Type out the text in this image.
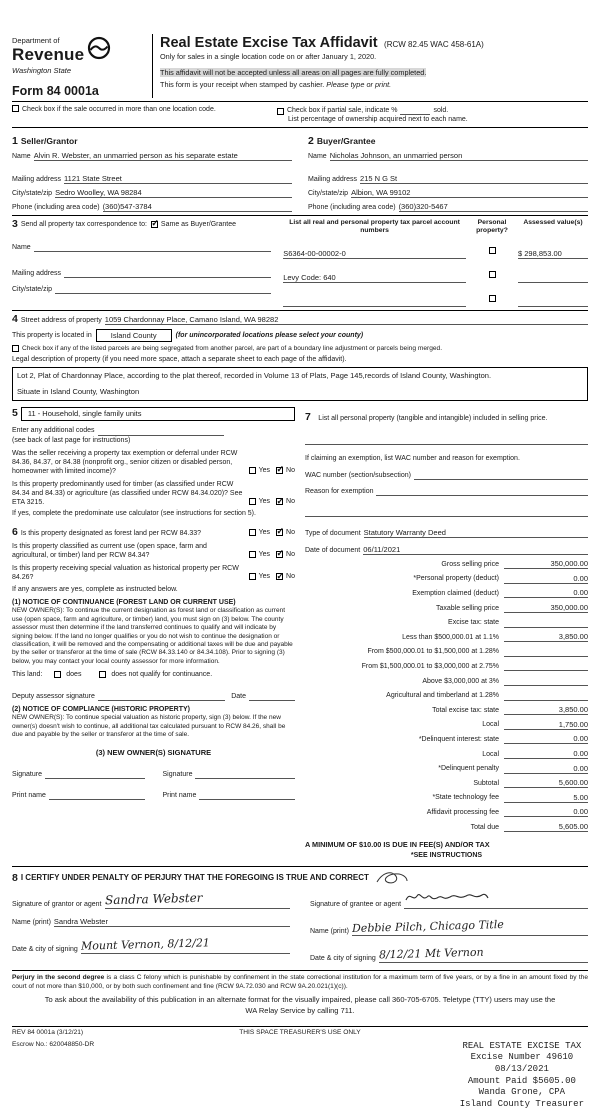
Department of
Revenue
Washington State
Form 84 0001a
Real Estate Excise Tax Affidavit (RCW 82.45 WAC 458-61A)
Only for sales in a single location code on or after January 1, 2020.
This affidavit will not be accepted unless all areas on all pages are fully completed.
This form is your receipt when stamped by cashier. Please type or print.
Check box if the sale occurred in more than one location code.	Check box if partial sale, indicate %	sold.
List percentage of ownership acquired next to each name.
1 Seller/Grantor
Name Alvin R. Webster, an unmarried person as his separate estate
Mailing address 1121 State Street
City/state/zip Sedro Woolley, WA 98284
Phone (including area code) (360)547-3784
2 Buyer/Grantee
Name Nicholas Johnson, an unmarried person
Mailing address 215 N G St
City/state/zip Albion, WA 99102
Phone (including area code) (360)320-5467
3 Send all property tax correspondence to: ✓ Same as Buyer/Grantee
Name
Mailing address
City/state/zip
List all real and personal property tax parcel account numbers
Personal property?
Assessed value(s)
S6364-00-00002-0	$ 298,853.00
Levy Code: 640
4 Street address of property 1059 Chardonnay Place, Camano Island, WA 98282
This property is located in	Island County	(for unincorporated locations please select your county)
Check box if any of the listed parcels are being segregated from another parcel, are part of a boundary line adjustment or parcels being merged.
Legal description of property (if you need more space, attach a separate sheet to each page of the affidavit).
Lot 2, Plat of Chardonnay Place, according to the plat thereof, recorded in Volume 13 of Plats, Page 145,records of Island County, Washington.
Situate in Island County, Washington
5	11 - Household, single family units
Enter any additional codes
(see back of last page for instructions)
Was the seller receiving a property tax exemption or deferral under RCW 84.36, 84.37, or 84.38 (nonprofit org., senior citizen or disabled person, homeowner with limited income)?	Yes ✓ No
Is this property predominantly used for timber (as classified under RCW 84.34 and 84.33) or agriculture (as classified under RCW 84.34.020)? See ETA 3215.	Yes ✓ No
If yes, complete the predominate use calculator (see instructions for section 5).
6 Is this property designated as forest land per RCW 84.33?	Yes ✓ No
Is this property classified as current use (open space, farm and agricultural, or timber) land per RCW 84.34?	Yes ✓ No
Is this property receiving special valuation as historical property per RCW 84.26?	Yes ✓ No
If any answers are yes, complete as instructed below.
(1) NOTICE OF CONTINUANCE (FOREST LAND OR CURRENT USE)
NEW OWNER(S): To continue the current designation as forest land or classification as current use (open space, farm and agriculture, or timber) land, you must sign on (3) below. The county assessor must then determine if the land transferred continues to qualify and will indicate by signing below. If the land no longer qualifies or you do not wish to continue the designation or classification, it will be removed and the compensating or additional taxes will be due and payable by the seller or transferor at the time of sale (RCW 84.33.140 or 84.34.108). Prior to signing (3) below, you may contact your local county assessor for more information.
This land:	does	does not qualify for continuance.
Deputy assessor signature	Date
(2) NOTICE OF COMPLIANCE (HISTORIC PROPERTY)
NEW OWNER(S): To continue special valuation as historic property, sign (3) below. If the new owner(s) doesn't wish to continue, all additional tax calculated pursuant to RCW 84.26, shall be due and payable by the seller or transferor at the time of sale.
(3) NEW OWNER(S) SIGNATURE
Signature	Signature
Print name	Print name
7 List all personal property (tangible and intangible) included in selling price.
If claiming an exemption, list WAC number and reason for exemption.
WAC number (section/subsection)
Reason for exemption
Type of document Statutory Warranty Deed
Date of document 06/11/2021
Gross selling price	350,000.00
*Personal property (deduct)	0.00
Exemption claimed (deduct)	0.00
Taxable selling price	350,000.00
Excise tax: state
Less than $500,000.01 at 1.1%	3,850.00
From $500,000.01 to $1,500,000 at 1.28%
From $1,500,000.01 to $3,000,000 at 2.75%
Above $3,000,000 at 3%
Agricultural and timberland at 1.28%
Total excise tax: state	3,850.00
Local	1,750.00
*Delinquent interest: state	0.00
Local	0.00
*Delinquent penalty	0.00
Subtotal	5,600.00
*State technology fee	5.00
Affidavit processing fee	0.00
Total due	5,605.00
A MINIMUM OF $10.00 IS DUE IN FEE(S) AND/OR TAX
*SEE INSTRUCTIONS
8 I CERTIFY UNDER PENALTY OF PERJURY THAT THE FOREGOING IS TRUE AND CORRECT
Signature of grantor or agent Sandra Webster
Name (print) Sandra Webster
Date & city of signing Mount Vernon, 8/12/21
Signature of grantee or agent
Name (print) Debbie Pilch, Chicago Title
Date & city of signing 8/12/21 Mt Vernon
Perjury in the second degree is a class C felony which is punishable by confinement in the state correctional institution for a maximum term of five years, or by a fine in an amount fixed by the court of not more than $10,000, or by both such confinement and fine (RCW 9A.72.030 and RCW 9A.20.021(1)(c)).
To ask about the availability of this publication in an alternate format for the visually impaired, please call 360-705-6705. Teletype (TTY) users may use the WA Relay Service by calling 711.
REV 84 0001a (3/12/21)	THIS SPACE TREASURER'S USE ONLY
Escrow No.: 620048850-DR	REAL ESTATE EXCISE TAX
Excise Number 49610
08/13/2021
Amount Paid $5605.00
Wanda Grone, CPA
Island County Treasurer
